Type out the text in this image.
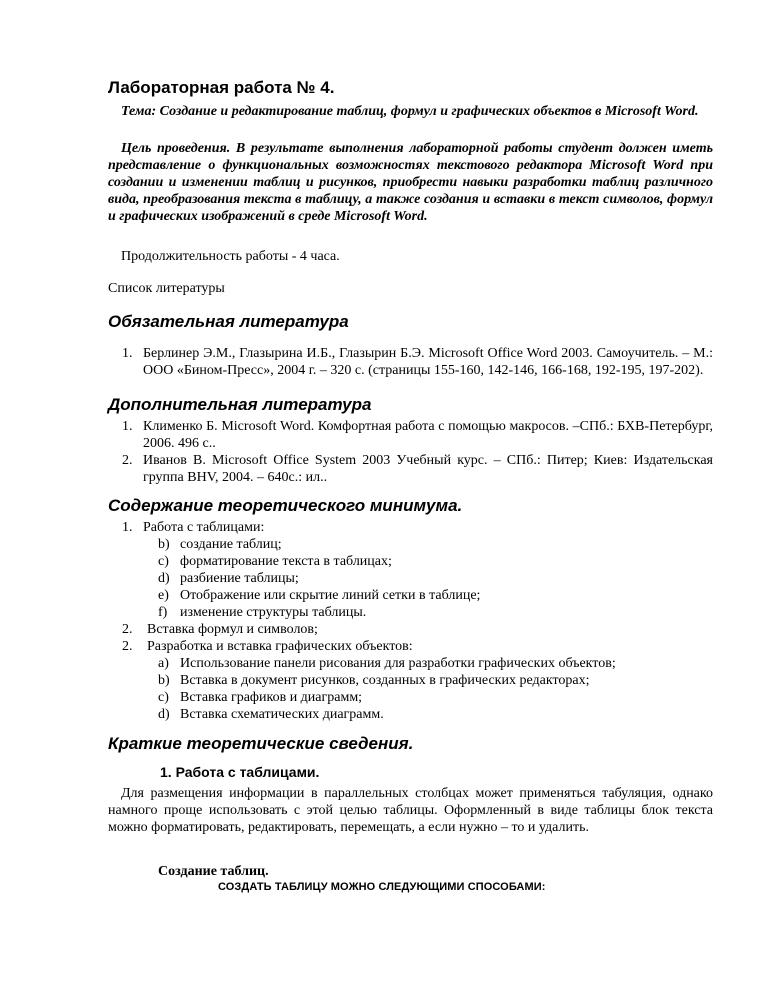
Лабораторная работа № 4.

Тема: Создание и редактирование таблиц, формул и графических объектов в Microsoft Word.

Цель проведения. В результате выполнения лабораторной работы студент должен иметь представление о функциональных возможностях текстового редактора Microsoft Word при создании и изменении таблиц и рисунков, приобрести навыки разработки таблиц различного вида, преобразования текста в таблицу, а также создания и вставки в текст символов, формул и графических изображений в среде Microsoft Word.

Продолжительность работы - 4 часа.

Список литературы

Обязательная литература
1. Берлинер Э.М., Глазырина И.Б., Глазырин Б.Э. Microsoft Office Word 2003. Самоучитель. – М.: ООО «Бином-Пресс», 2004 г. – 320 с. (страницы 155-160, 142-146, 166-168, 192-195, 197-202).

Дополнительная литература
1. Клименко Б. Microsoft Word. Комфортная работа с помощью макросов. –СПб.: БХВ-Петербург, 2006. 496 с..

2. Иванов В. Microsoft Office System 2003 Учебный курс. – СПб.: Питер; Киев: Издательская группа BHV, 2004. – 640с.: ил..

Содержание теоретического минимума.
1. Работа с таблицами:
b) создание таблиц;
c) форматирование текста в таблицах;
d) разбиение таблицы;
e) Отображение или скрытие линий сетки в таблице;
f) изменение структуры таблицы.
2. Вставка формул и символов;
2. Разработка и вставка графических объектов:
a) Использование панели рисования для разработки графических объектов;
b) Вставка в документ рисунков, созданных в графических редакторах;
c) Вставка графиков и диаграмм;
d) Вставка схематических диаграмм.
Краткие теоретические сведения.
1. Работа с таблицами.

Для размещения информации в параллельных столбцах может применяться табуляция, однако намного проще использовать с этой целью таблицы. Оформленный в виде таблицы блок текста можно форматировать, редактировать, перемещать, а если нужно – то и удалить.

Создание таблиц.
СОЗДАТЬ ТАБЛИЦУ МОЖНО СЛЕДУЮЩИМИ СПОСОБАМИ:
